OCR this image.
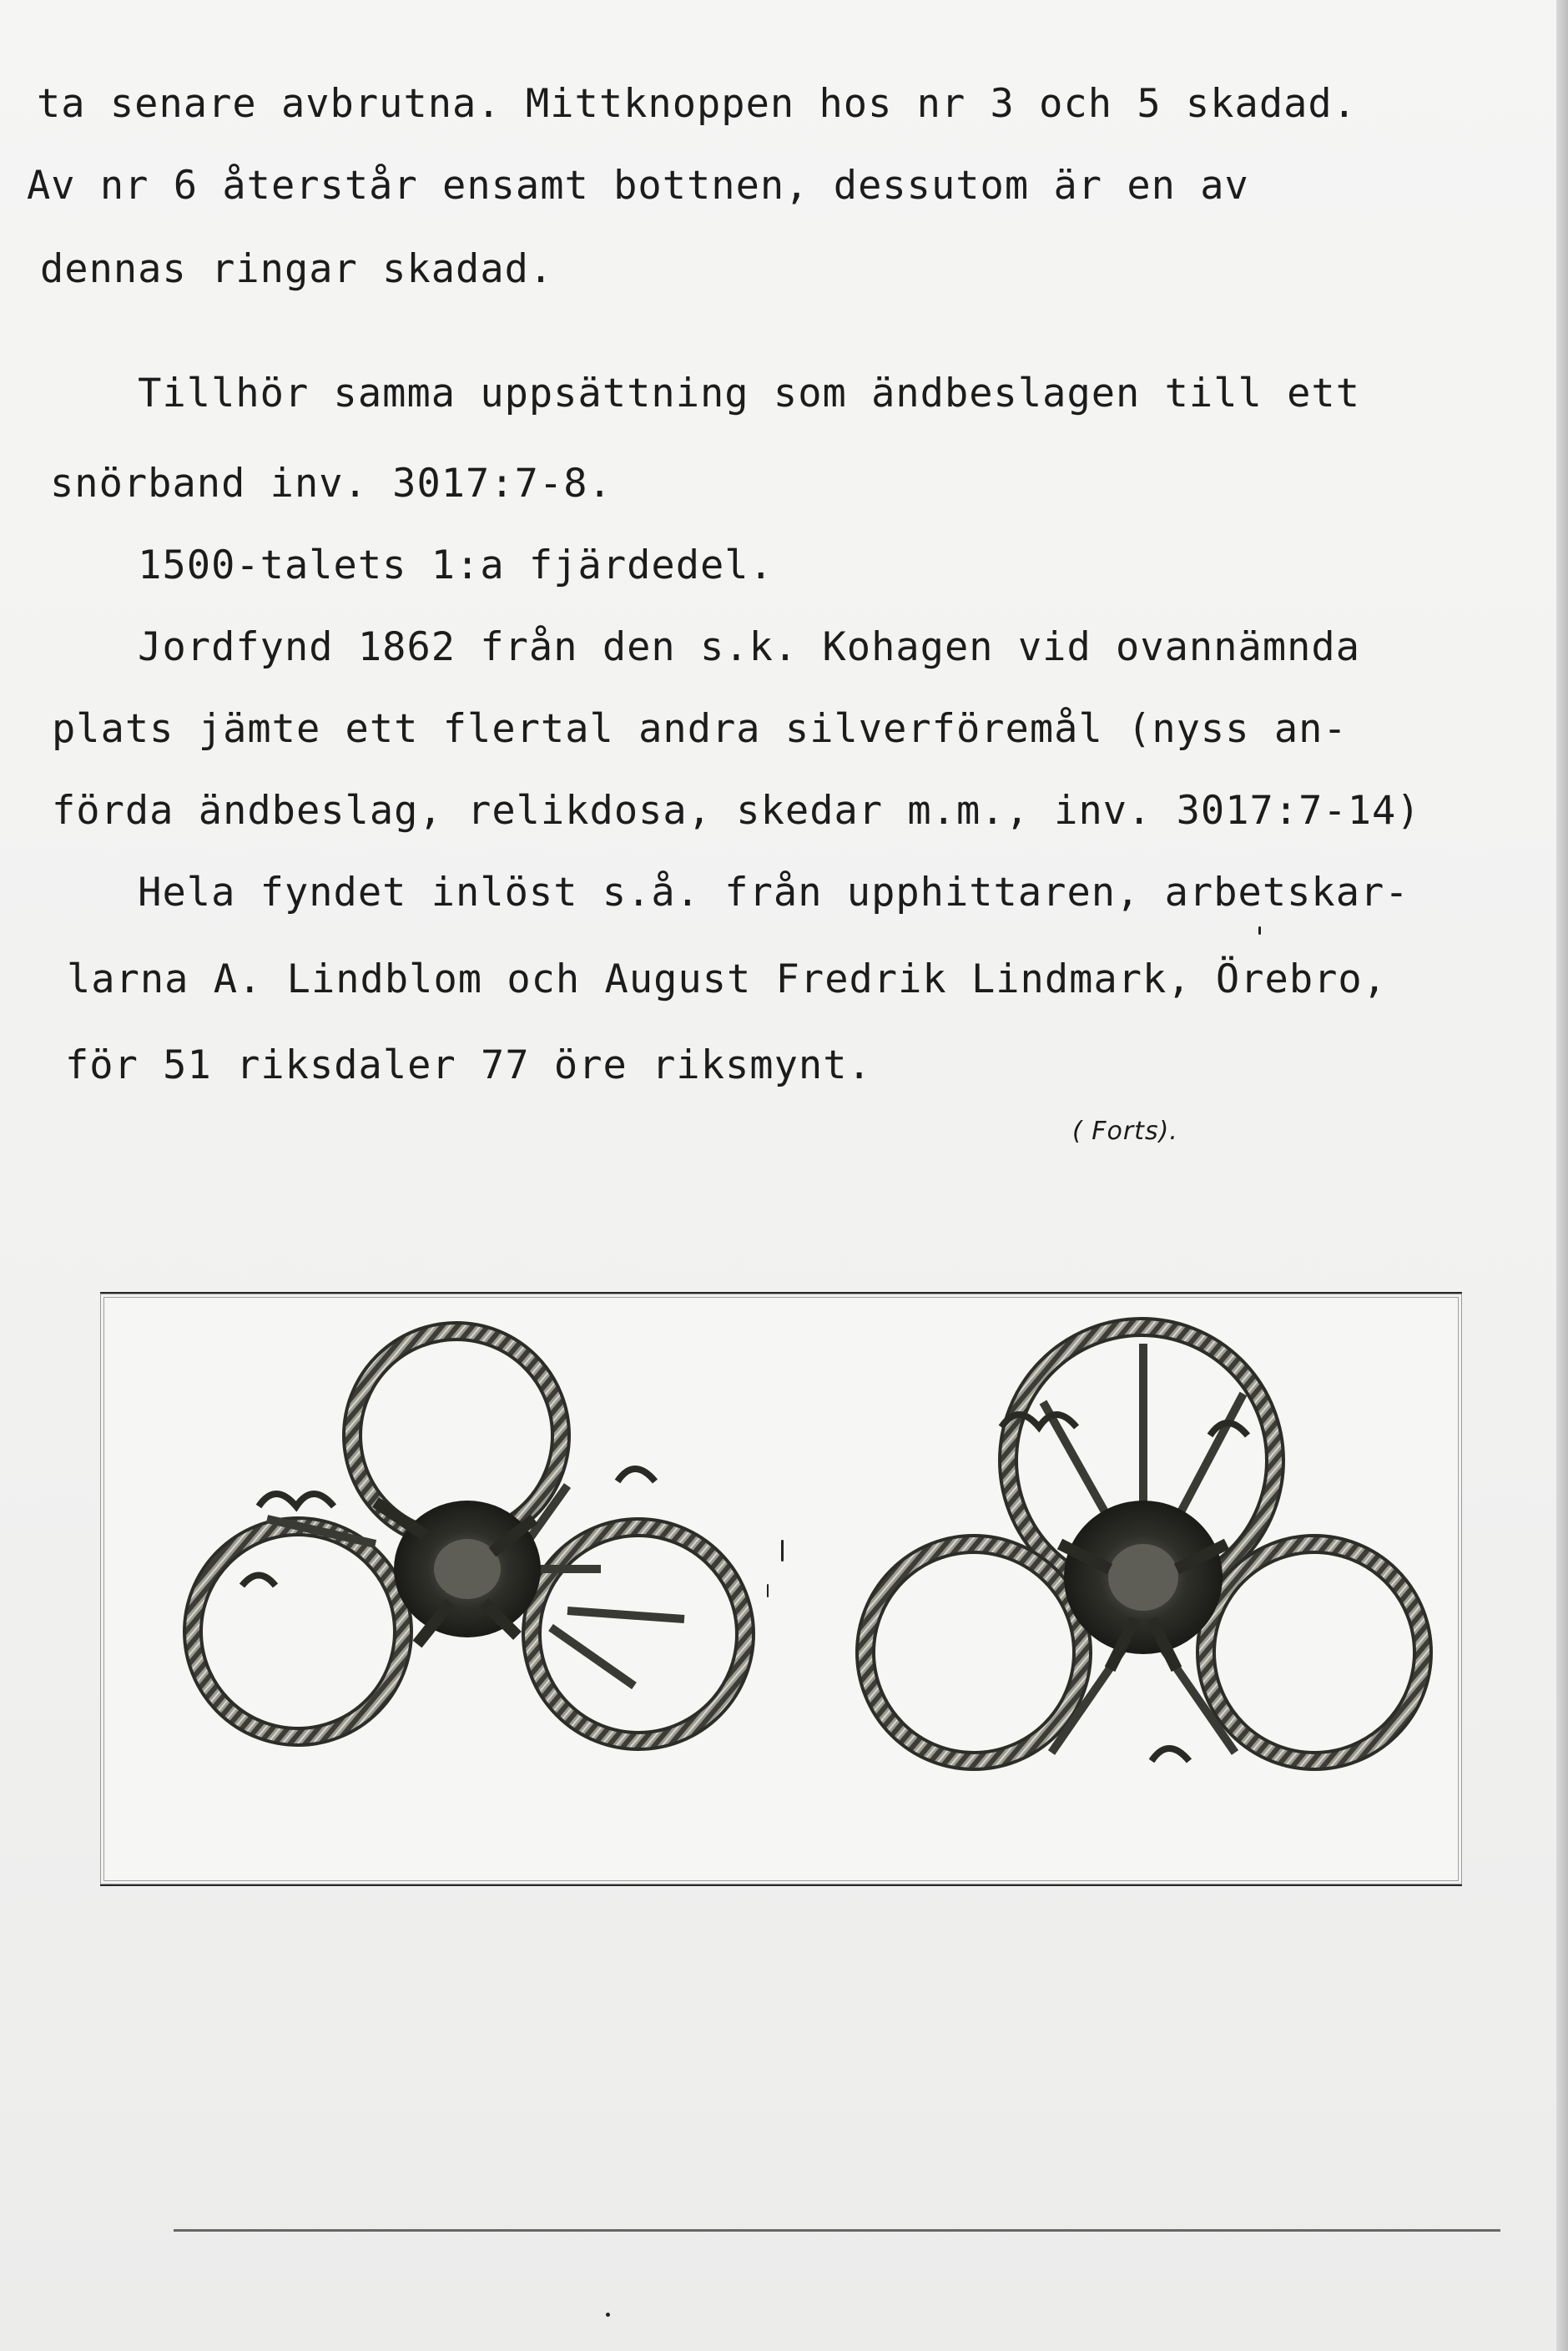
ta senare avbrutna. Mittknoppen hos nr 3 och 5 skadad.
Av nr 6 återstår ensamt bottnen, dessutom är en av
dennas ringar skadad.
Tillhör samma uppsättning som ändbeslagen till ett
snörband inv. 3017:7-8.
1500-talets 1:a fjärdedel.
Jordfynd 1862 från den s.k. Kohagen vid ovannämnda
plats jämte ett flertal andra silverföremål (nyss an-
förda ändbeslag, relikdosa, skedar m.m., inv. 3017:7-14)
Hela fyndet inlöst s.å. från upphittaren, arbetskar-
larna A. Lindblom och August Fredrik Lindmark, Örebro,
för 51 riksdaler 77 öre riksmynt.
( Forts).
